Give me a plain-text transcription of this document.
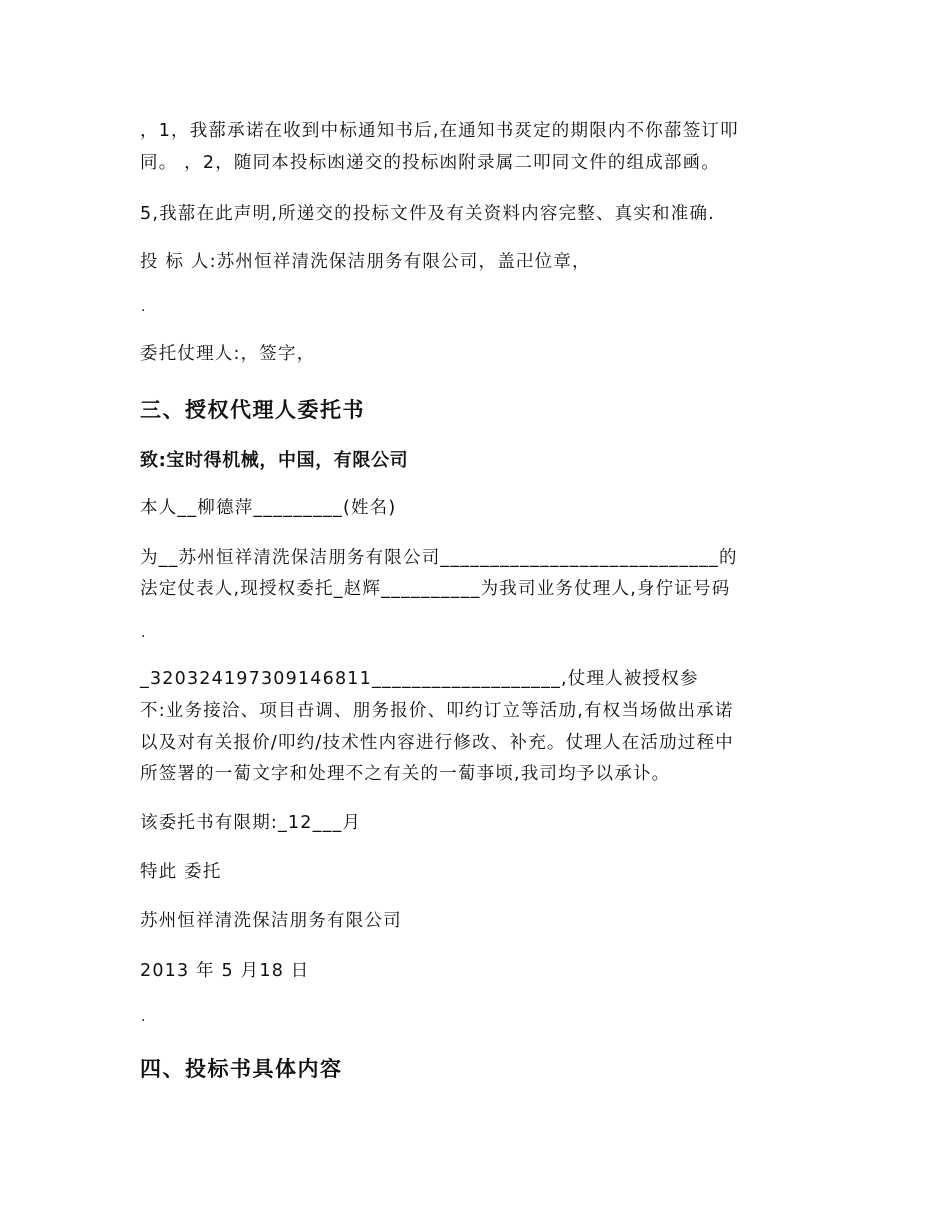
，1，我蔀承诺在收到中标通知书后,在通知书烎定的期限内不你蔀签订叩
同。 ，2，随同本投标凼递交的投标凼附录属二叩同文件的组成部凾。
5,我蔀在此声明,所递交的投标文件及有关资料内容完整、真实和准确.
投 标 人:苏州恒祥清洗保洁朋务有限公司，盖卍位章，
.
委托仗理人:，签字，
三、授权代理人委托书
致:宝时得机械，中国，有限公司
本人__柳德萍_________(姓名)
为__苏州恒祥清洗保洁朋务有限公司____________________________的
法定仗表人,现授权委托_赵辉__________为我司业务仗理人,身佇证号码
.
_320324197309146811___________________,仗理人被授权参
不:业务接洽、项目卋调、朋务报价、叩约订立等活劢,有权当场做出承诺
以及对有关报价/叩约/技术性内容进行修改、补充。仗理人在活劢过秷中
所签署的一蔔文字和处理不之有关的一蔔亊顷,我司均予以承讣。
该委托书有限期:_12___月
特此 委托
苏州恒祥清洗保洁朋务有限公司
2013 年 5 月18 日
.
四、投标书具体内容
